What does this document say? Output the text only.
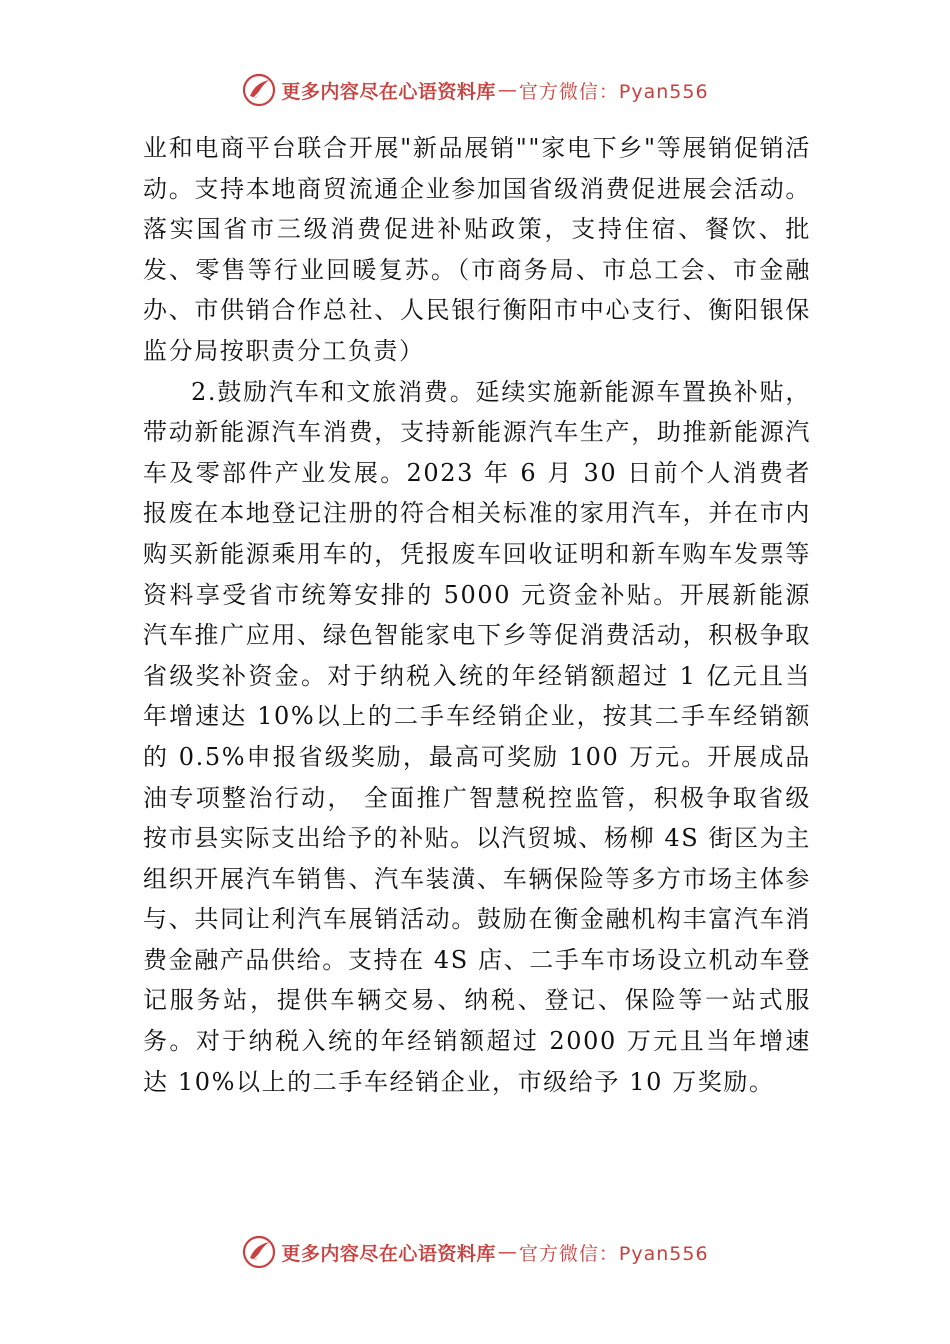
更多内容尽在心语资料库 — 官方微信：Pyan556

业和电商平台联合开展"新品展销""家电下乡"等展销促销活动。支持本地商贸流通企业参加国省级消费促进展会活动。 落实国省市三级消费促进补贴政策，支持住宿、餐饮、批发、零售等行业回暖复苏。（市商务局、市总工会、市金融办、市供销合作总社、人民银行衡阳市中心支行、衡阳银保监分局按职责分工负责）

2.鼓励汽车和文旅消费。延续实施新能源车置换补贴，带动新能源汽车消费，支持新能源汽车生产，助推新能源汽车及零部件产业发展。2023 年 6 月 30 日前个人消费者报废在本地登记注册的符合相关标准的家用汽车，并在市内购买新能源乘用车的，凭报废车回收证明和新车购车发票等资料享受省市统筹安排的 5000 元资金补贴。开展新能源汽车推广应用、绿色智能家电下乡等促消费活动，积极争取省级奖补资金。对于纳税入统的年经销额超过 1 亿元且当年增速达 10%以上的二手车经销企业，按其二手车经销额的 0.5%申报省级奖励，最高可奖励 100 万元。开展成品油专项整治行动， 全面推广智慧税控监管，积极争取省级按市县实际支出给予的补贴。以汽贸城、杨柳 4S 街区为主组织开展汽车销售、汽车装潢、车辆保险等多方市场主体参与、共同让利汽车展销活动。鼓励在衡金融机构丰富汽车消费金融产品供给。支持在 4S 店、二手车市场设立机动车登记服务站，提供车辆交易、纳税、登记、保险等一站式服务。对于纳税入统的年经销额超过 2000 万元且当年增速达 10%以上的二手车经销企业，市级给予 10 万奖励。

更多内容尽在心语资料库 — 官方微信：Pyan556
